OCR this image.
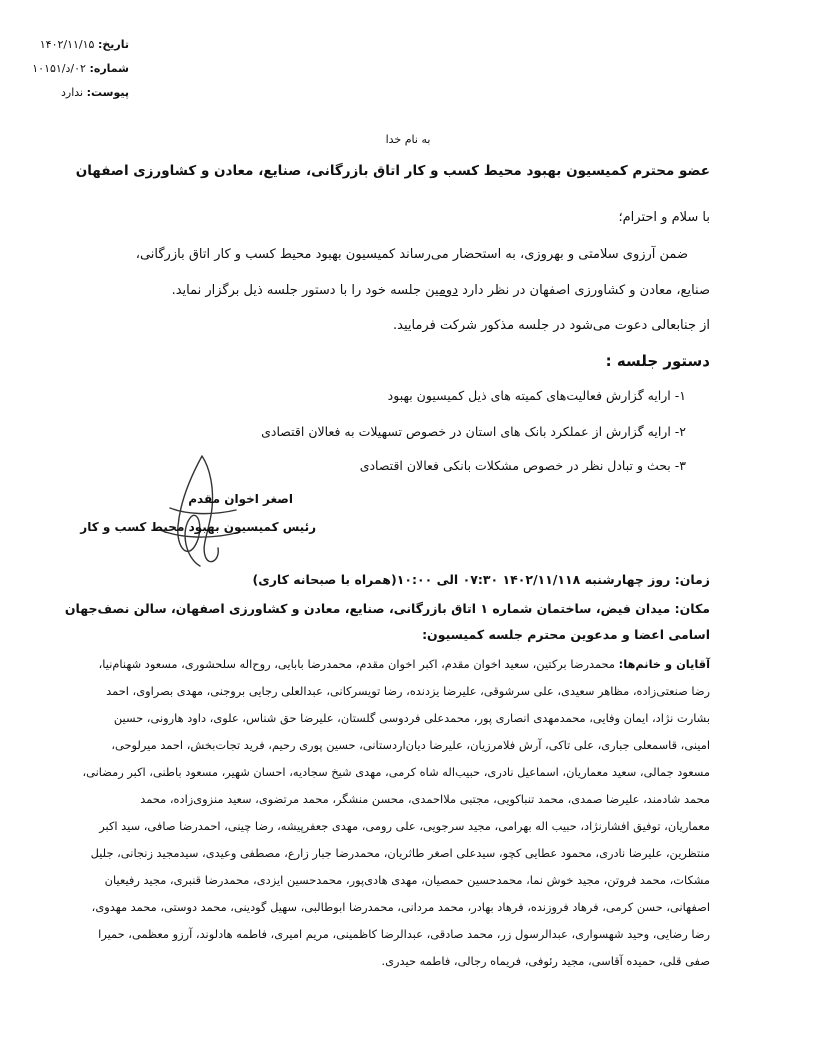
تاریخ: ۱۴۰۲/۱۱/۱۵
شماره: ۰۲/د/۱۰۱۵۱
پیوست: ندارد
به نام خدا
عضو محترم کمیسیون بهبود محیط کسب و کار اتاق بازرگانی، صنایع، معادن و کشاورزی اصفهان
با سلام و احترام؛
ضمن آرزوی سلامتی و بهروزی، به استحضار می‌رساند کمیسیون بهبود محیط کسب و کار اتاق بازرگانی،
صنایع، معادن و کشاورزی اصفهان در نظر دارد دومین جلسه خود را با دستور جلسه ذیل برگزار نماید.
از جنابعالی دعوت می‌شود در جلسه مذکور شرکت فرمایید.
دستور جلسه :
۱- ارایه گزارش فعالیت‌های کمیته های ذیل کمیسیون بهبود
۲- ارایه گزارش از عملکرد بانک های استان در خصوص تسهیلات به فعالان اقتصادی
۳- بحث و تبادل نظر در خصوص مشکلات بانکی فعالان اقتصادی
اصغر اخوان مقدم
رئیس کمیسیون بهبود محیط کسب و کار
زمان: روز چهارشنبه ۱۴۰۲/۱۱/۱۱۸ ۰۷:۳۰ الی ۱۰:۰۰(همراه با صبحانه کاری)
مکان: میدان فیض، ساختمان شماره ۱ اتاق بازرگانی، صنایع، معادن و کشاورزی اصفهان، سالن نصف‌جهان
اسامی اعضا و مدعوین محترم جلسه کمیسیون:
آقایان و خانم‌ها: محمدرضا برکتین، سعید اخوان مقدم، اکبر اخوان مقدم، محمدرضا بابایی، روح‌اله سلحشوری، مسعود شهنام‌نیا،
رضا صنعتی‌زاده، مظاهر سعیدی، علی سرشوقی، علیرضا یزدنده، رضا تویسرکانی، عبدالعلی رجایی بروجنی، مهدی بصراوی، احمد
بشارت نژاد، ایمان وفایی، محمدمهدی انصاری پور، محمدعلی فردوسی گلستان، علیرضا حق شناس، علوی، داود هارونی، حسین
امینی، قاسمعلی جباری، علی تاکی، آرش فلامرزیان، علیرضا دیان‌اردستانی، حسین پوری رحیم، فرید تجات‌بخش، احمد میرلوحی،
مسعود جمالی، سعید معماریان، اسماعیل نادری، حبیب‌اله شاه کرمی، مهدی شیخ سجادیه، احسان شهیر، مسعود باطنی، اکبر رمضانی،
محمد شادمند، علیرضا صمدی، محمد تنباکویی، مجتبی ملااحمدی، محسن منشگر، محمد مرتضوی، سعید منزوی‌زاده، محمد
معماریان، توفیق افشارنژاد، حبیب اله بهرامی، مجید سرجویی، علی رومی، مهدی جعفرپیشه، رضا چینی، احمدرضا صافی، سید اکبر
منتظرین، علیرضا نادری، محمود عطایی کچو، سیدعلی اصغر طاثریان، محمدرضا جبار زارع، مصطفی وعیدی، سیدمجید زنجانی، جلیل
مشکات، محمد فروتن، مجید خوش نما، محمدحسین حمصیان، مهدی هادی‌پور، محمدحسین ایزدی، محمدرضا قنبری، مجید رفیعیان
اصفهانی، حسن کرمی، فرهاد فروزنده، فرهاد بهادر، محمد مردانی، محمدرضا ابوطالبی، سهیل گودینی، محمد دوستی، محمد مهدوی،
رضا رضایی، وحید شهسواری، عبدالرسول زر، محمد صادقی، عبدالرضا کاظمینی، مریم امیری، فاطمه هادلوند، آرزو معظمی، حمیرا
صفی قلی، حمیده آقاسی، مجید رئوفی، فریماه رجالی، فاطمه حیدری.
